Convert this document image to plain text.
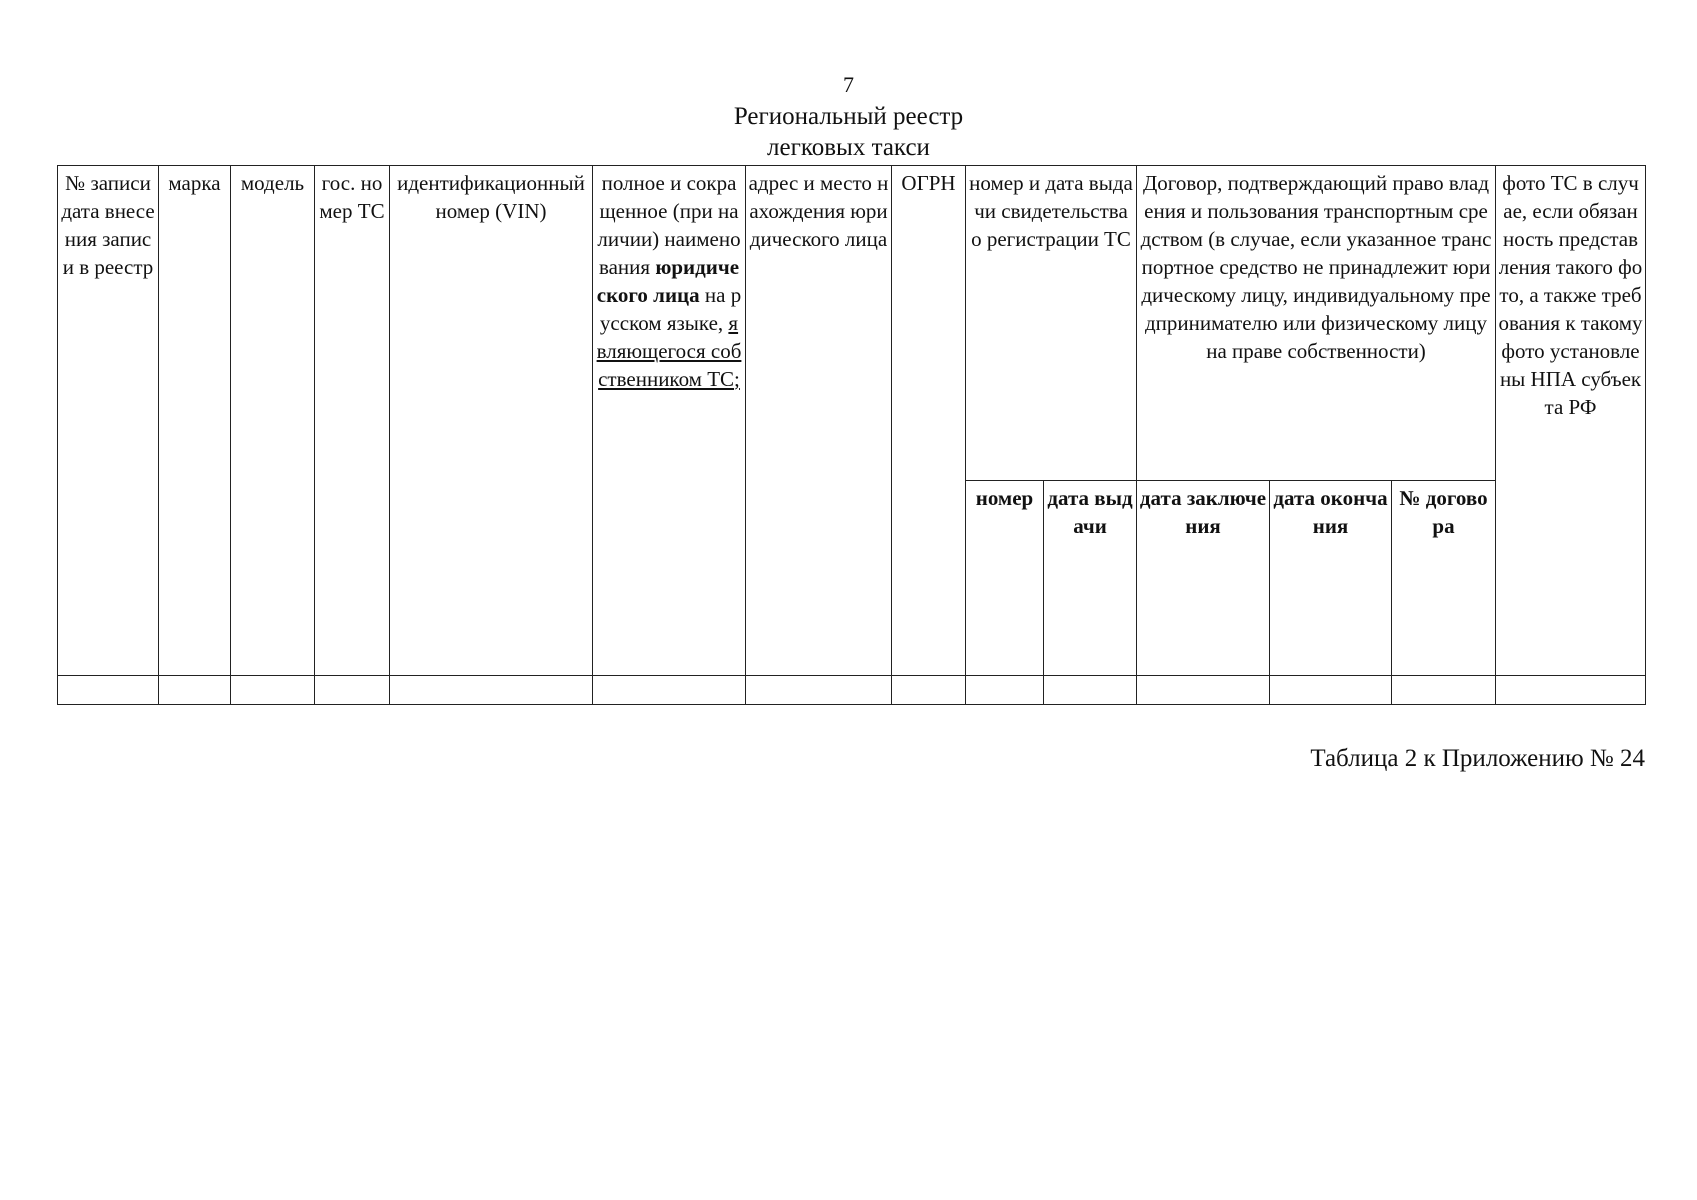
7
Региональный реестр
легковых такси
№ записи дата внесения записи в реестр	марка	модель	гос. номер ТС	идентификационный номер (VIN)	полное и сокращенное (при наличии) наименования юридического лица на русском языке, являющегося собственником ТС;	адрес и место нахождения юридического лица	ОГРН	номер и дата выдачи свидетельства о регистрации ТС		Договор, подтверждающий право владения и пользования транспортным средством (в случае, если указанное транспортное средство не принадлежит юридическому лицу, индивидуальному предпринимателю или физическому лицу на праве собственности)			фото ТС в случае, если обязанность представления такого фото, а также требования к такому фото установлены НПА субъекта РФ
								номер	дата выдачи	дата заключения	дата окончания	№ договора	

Таблица 2 к Приложению № 24
